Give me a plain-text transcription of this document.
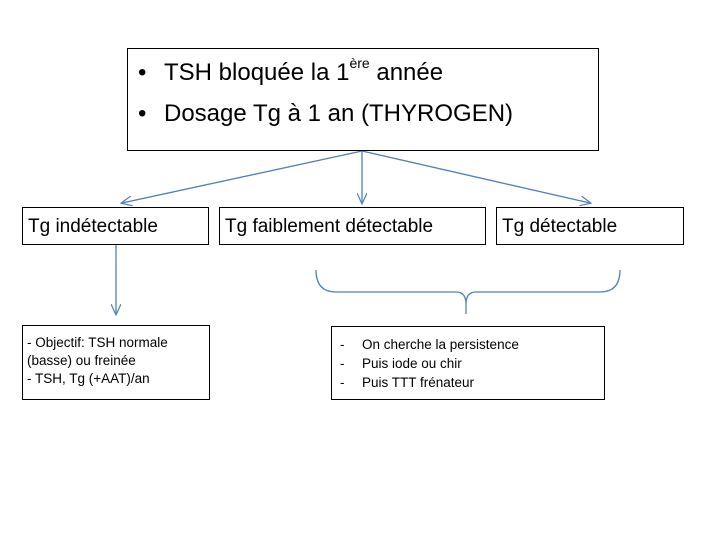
• TSH bloquée la 1ère année
• Dosage Tg à 1 an (THYROGEN)
Tg indétectable	Tg faiblement détectable	Tg détectable
- Objectif: TSH normale
(basse) ou freinée
- TSH, Tg (+AAT)/an
-	On cherche la persistence
-	Puis iode ou chir
-	Puis TTT frénateur
